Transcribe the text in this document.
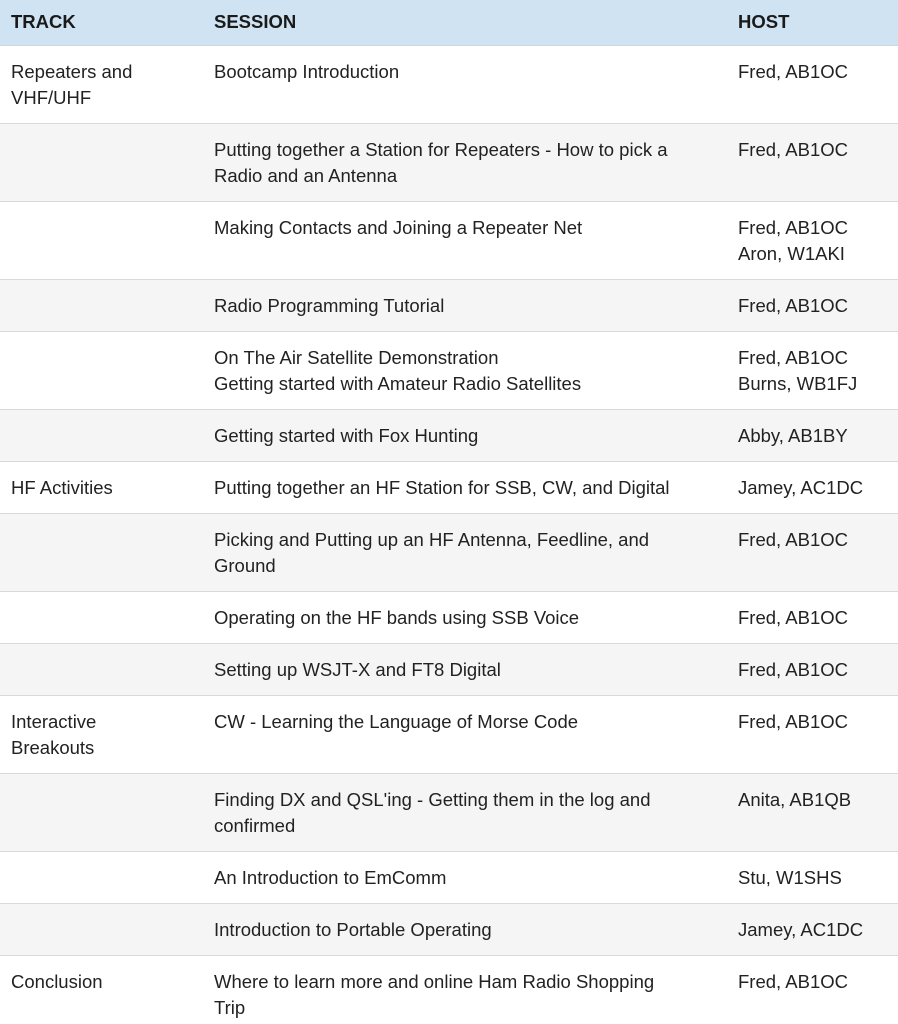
TRACK	SESSION	HOST

Repeaters and
VHF/UHF	Bootcamp Introduction	Fred, AB1OC

	Putting together a Station for Repeaters - How to pick a
Radio and an Antenna	Fred, AB1OC

	Making Contacts and Joining a Repeater Net	Fred, AB1OC
Aron, W1AKI

	Radio Programming Tutorial	Fred, AB1OC

	On The Air Satellite Demonstration
Getting started with Amateur Radio Satellites	Fred, AB1OC
Burns, WB1FJ

	Getting started with Fox Hunting	Abby, AB1BY

HF Activities	Putting together an HF Station for SSB, CW, and Digital	Jamey, AC1DC

	Picking and Putting up an HF Antenna, Feedline, and
Ground	Fred, AB1OC

	Operating on the HF bands using SSB Voice	Fred, AB1OC

	Setting up WSJT-X and FT8 Digital	Fred, AB1OC

Interactive
Breakouts	CW - Learning the Language of Morse Code	Fred, AB1OC

	Finding DX and QSL'ing - Getting them in the log and
confirmed	Anita, AB1QB

	An Introduction to EmComm	Stu, W1SHS

	Introduction to Portable Operating	Jamey, AC1DC

Conclusion	Where to learn more and online Ham Radio Shopping
Trip	Fred, AB1OC
